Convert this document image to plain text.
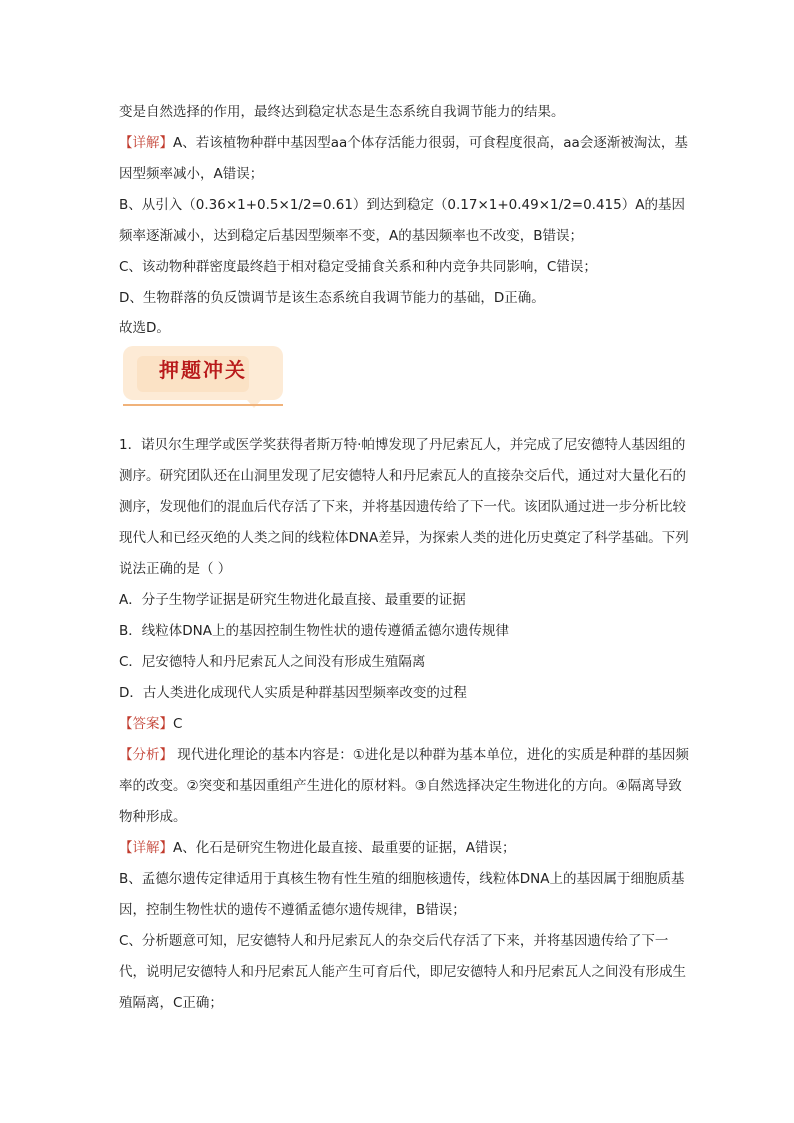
变是自然选择的作用，最终达到稳定状态是生态系统自我调节能力的结果。

【详解】A、若该植物种群中基因型aa个体存活能力很弱，可食程度很高，aa会逐渐被淘汰，基因型频率减小，A错误；

B、从引入（0.36×1+0.5×1/2=0.61）到达到稳定（0.17×1+0.49×1/2=0.415）A的基因频率逐渐减小，达到稳定后基因型频率不变，A的基因频率也不改变，B错误；

C、该动物种群密度最终趋于相对稳定受捕食关系和种内竞争共同影响，C错误；

D、生物群落的负反馈调节是该生态系统自我调节能力的基础，D正确。

故选D。

押题冲关

1．诺贝尔生理学或医学奖获得者斯万特·帕博发现了丹尼索瓦人，并完成了尼安德特人基因组的测序。研究团队还在山洞里发现了尼安德特人和丹尼索瓦人的直接杂交后代，通过对大量化石的测序，发现他们的混血后代存活了下来，并将基因遗传给了下一代。该团队通过进一步分析比较现代人和已经灭绝的人类之间的线粒体DNA差异，为探索人类的进化历史奠定了科学基础。下列说法正确的是（ ）

A．分子生物学证据是研究生物进化最直接、最重要的证据

B．线粒体DNA上的基因控制生物性状的遗传遵循孟德尔遗传规律

C．尼安德特人和丹尼索瓦人之间没有形成生殖隔离

D．古人类进化成现代人实质是种群基因型频率改变的过程

【答案】C

【分析】 现代进化理论的基本内容是：①进化是以种群为基本单位，进化的实质是种群的基因频率的改变。②突变和基因重组产生进化的原材料。③自然选择决定生物进化的方向。④隔离导致物种形成。

【详解】A、化石是研究生物进化最直接、最重要的证据，A错误；

B、孟德尔遗传定律适用于真核生物有性生殖的细胞核遗传，线粒体DNA上的基因属于细胞质基因，控制生物性状的遗传不遵循孟德尔遗传规律，B错误；

C、分析题意可知，尼安德特人和丹尼索瓦人的杂交后代存活了下来，并将基因遗传给了下一代，说明尼安德特人和丹尼索瓦人能产生可育后代，即尼安德特人和丹尼索瓦人之间没有形成生殖隔离，C正确；
